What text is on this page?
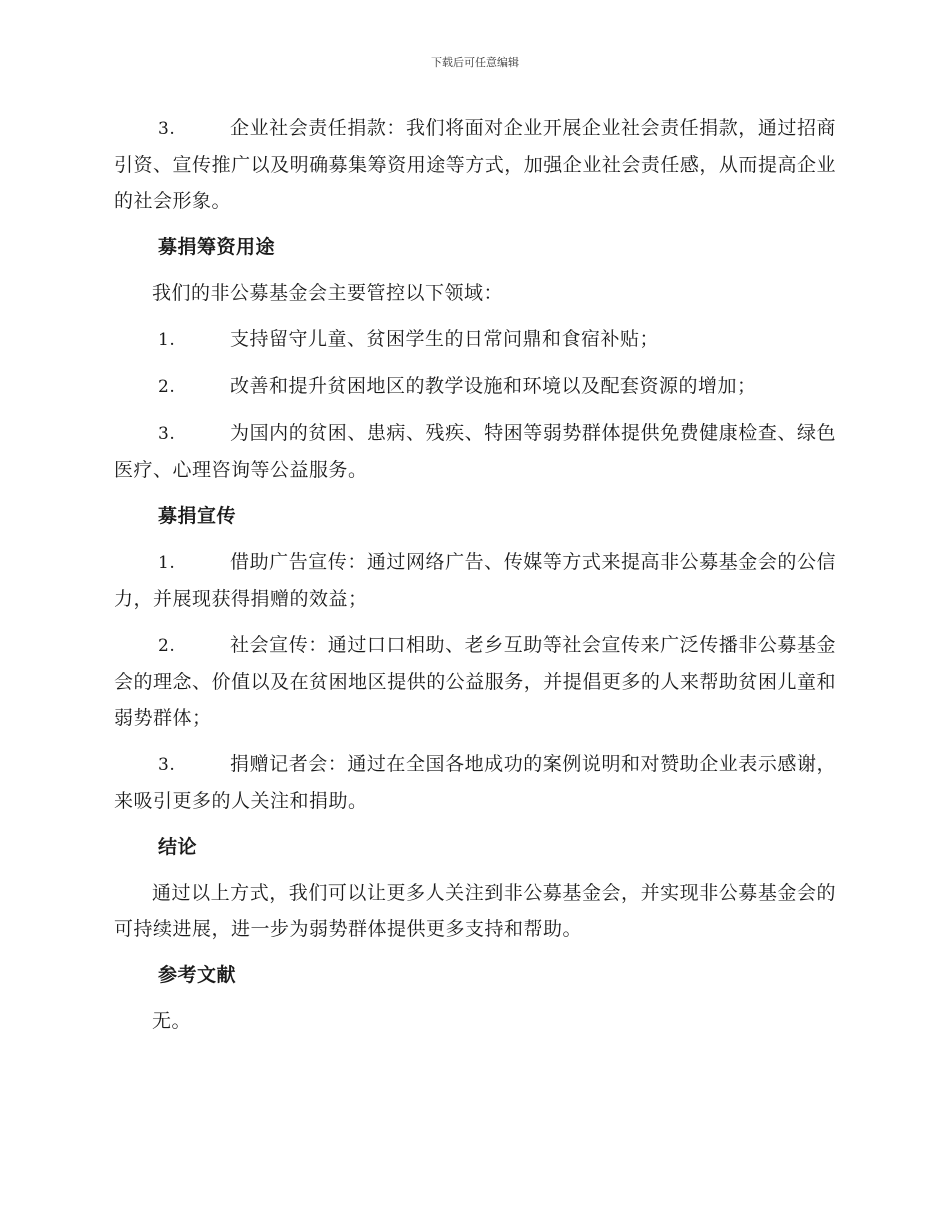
下载后可任意编辑

3.	企业社会责任捐款：我们将面对企业开展企业社会责任捐款，通过招商引资、宣传推广以及明确募集筹资用途等方式，加强企业社会责任感，从而提高企业的社会形象。

募捐筹资用途

我们的非公募基金会主要管控以下领域：

1.	支持留守儿童、贫困学生的日常问鼎和食宿补贴；

2.	改善和提升贫困地区的教学设施和环境以及配套资源的增加；

3.	为国内的贫困、患病、残疾、特困等弱势群体提供免费健康检查、绿色医疗、心理咨询等公益服务。

募捐宣传

1.	借助广告宣传：通过网络广告、传媒等方式来提高非公募基金会的公信力，并展现获得捐赠的效益；

2.	社会宣传：通过口口相助、老乡互助等社会宣传来广泛传播非公募基金会的理念、价值以及在贫困地区提供的公益服务，并提倡更多的人来帮助贫困儿童和弱势群体；

3.	捐赠记者会：通过在全国各地成功的案例说明和对赞助企业表示感谢，来吸引更多的人关注和捐助。

结论

通过以上方式，我们可以让更多人关注到非公募基金会，并实现非公募基金会的可持续进展，进一步为弱势群体提供更多支持和帮助。

参考文献

无。
